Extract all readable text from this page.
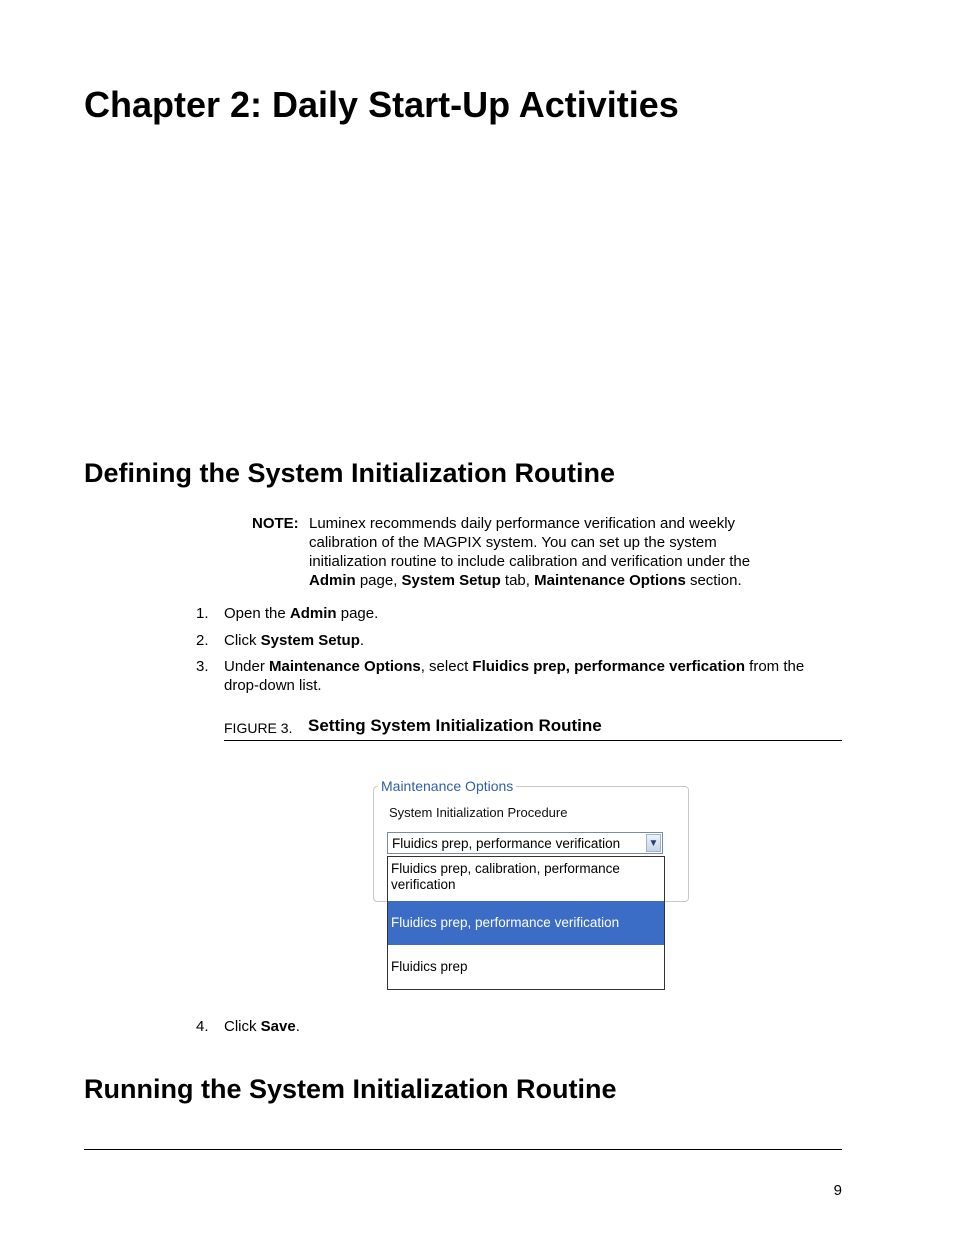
Chapter 2: Daily Start-Up Activities
Defining the System Initialization Routine
NOTE: Luminex recommends daily performance verification and weekly calibration of the MAGPIX system. You can set up the system initialization routine to include calibration and verification under the Admin page, System Setup tab, Maintenance Options section.
1. Open the Admin page.
2. Click System Setup.
3. Under Maintenance Options, select Fluidics prep, performance verfication from the drop-down list.
FIGURE 3. Setting System Initialization Routine
Maintenance Options
System Initialization Procedure
Fluidics prep, performance verification	▼
Fluidics prep, calibration, performance verification
Fluidics prep, performance verification
Fluidics prep
4. Click Save.
Running the System Initialization Routine
9
